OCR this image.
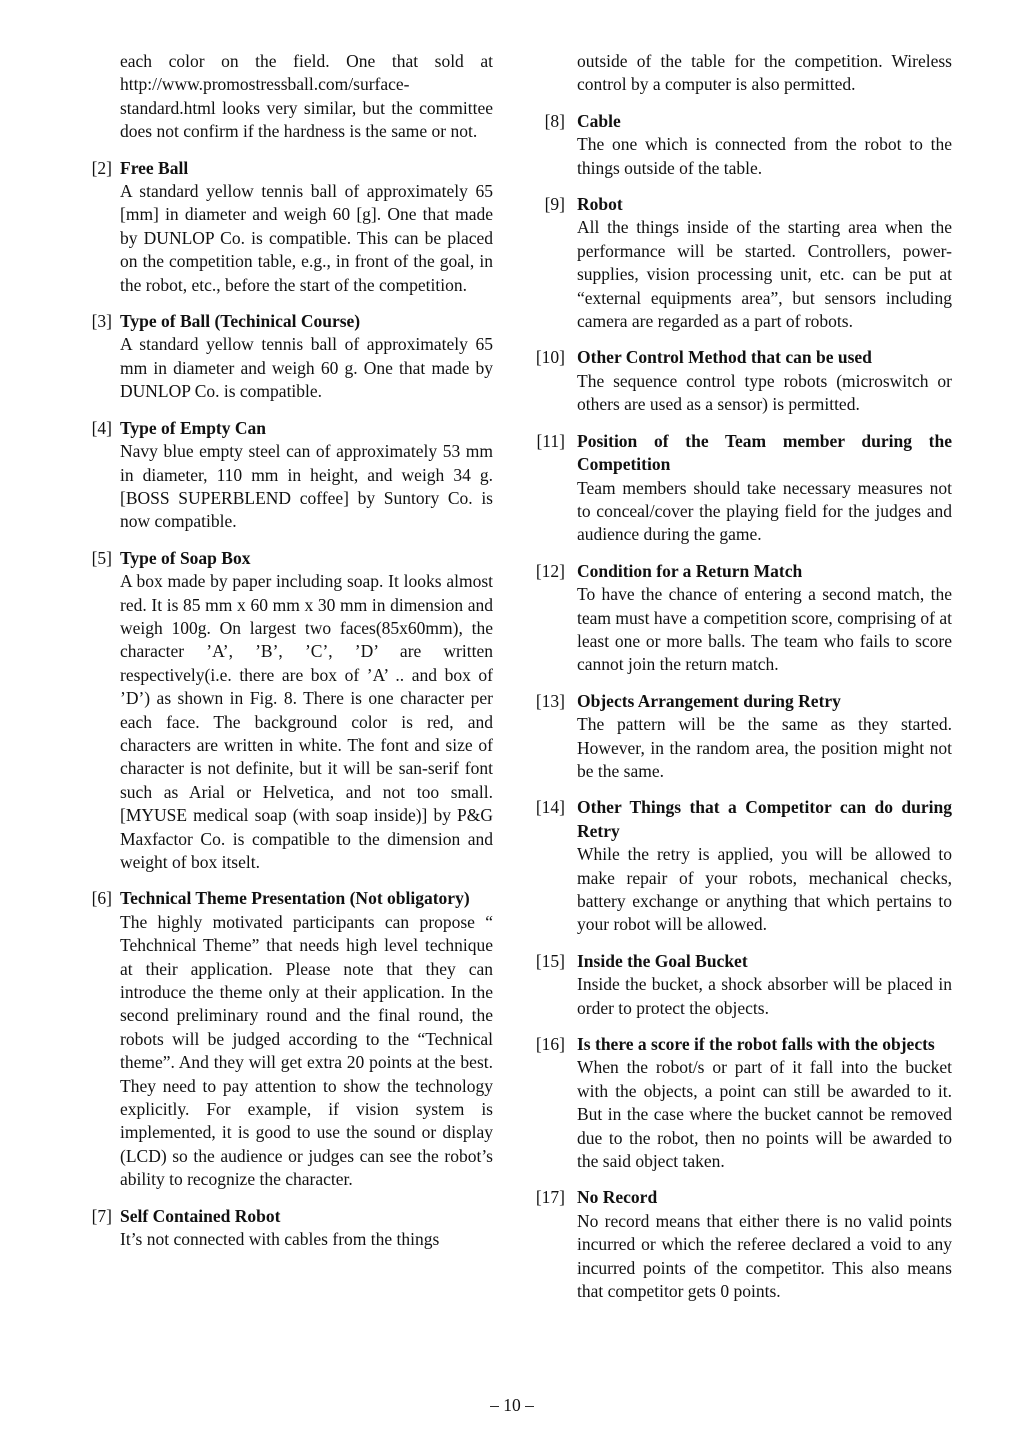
each color on the field. One that sold at http://www.promostressball.com/surface-standard.html looks very similar, but the committee does not confirm if the hardness is the same or not.
[2] Free Ball
A standard yellow tennis ball of approximately 65 [mm] in diameter and weigh 60 [g]. One that made by DUNLOP Co. is compatible. This can be placed on the competition table, e.g., in front of the goal, in the robot, etc., before the start of the competition.
[3] Type of Ball (Techinical Course)
A standard yellow tennis ball of approximately 65 mm in diameter and weigh 60 g. One that made by DUNLOP Co. is compatible.
[4] Type of Empty Can
Navy blue empty steel can of approximately 53 mm in diameter, 110 mm in height, and weigh 34 g. [BOSS SUPERBLEND coffee] by Suntory Co. is now compatible.
[5] Type of Soap Box
A box made by paper including soap. It looks almost red. It is 85 mm x 60 mm x 30 mm in dimension and weigh 100g. On largest two faces(85x60mm), the character ’A’, ’B’, ’C’, ’D’ are written respectively(i.e. there are box of ’A’ .. and box of ’D’) as shown in Fig. 8. There is one character per each face. The background color is red, and characters are written in white. The font and size of character is not definite, but it will be san-serif font such as Arial or Helvetica, and not too small. [MYUSE medical soap (with soap inside)] by P&G Maxfactor Co. is compatible to the dimension and weight of box itselt.
[6] Technical Theme Presentation (Not obligatory)
The highly motivated participants can propose “ Tehchnical Theme” that needs high level technique at their application. Please note that they can introduce the theme only at their application. In the second preliminary round and the final round, the robots will be judged according to the “Technical theme”. And they will get extra 20 points at the best. They need to pay attention to show the technology explicitly. For example, if vision system is implemented, it is good to use the sound or display (LCD) so the audience or judges can see the robot’s ability to recognize the character.
[7] Self Contained Robot
It’s not connected with cables from the things
outside of the table for the competition. Wireless control by a computer is also permitted.
[8] Cable
The one which is connected from the robot to the things outside of the table.
[9] Robot
All the things inside of the starting area when the performance will be started. Controllers, power-supplies, vision processing unit, etc. can be put at “external equipments area”, but sensors including camera are regarded as a part of robots.
[10] Other Control Method that can be used
The sequence control type robots (microswitch or others are used as a sensor) is permitted.
[11] Position of the Team member during the Competition
Team members should take necessary measures not to conceal/cover the playing field for the judges and audience during the game.
[12] Condition for a Return Match
To have the chance of entering a second match, the team must have a competition score, comprising of at least one or more balls. The team who fails to score cannot join the return match.
[13] Objects Arrangement during Retry
The pattern will be the same as they started. However, in the random area, the position might not be the same.
[14] Other Things that a Competitor can do during Retry
While the retry is applied, you will be allowed to make repair of your robots, mechanical checks, battery exchange or anything that which pertains to your robot will be allowed.
[15] Inside the Goal Bucket
Inside the bucket, a shock absorber will be placed in order to protect the objects.
[16] Is there a score if the robot falls with the objects
When the robot/s or part of it fall into the bucket with the objects, a point can still be awarded to it. But in the case where the bucket cannot be removed due to the robot, then no points will be awarded to the said object taken.
[17] No Record
No record means that either there is no valid points incurred or which the referee declared a void to any incurred points of the competitor. This also means that competitor gets 0 points.
– 10 –
